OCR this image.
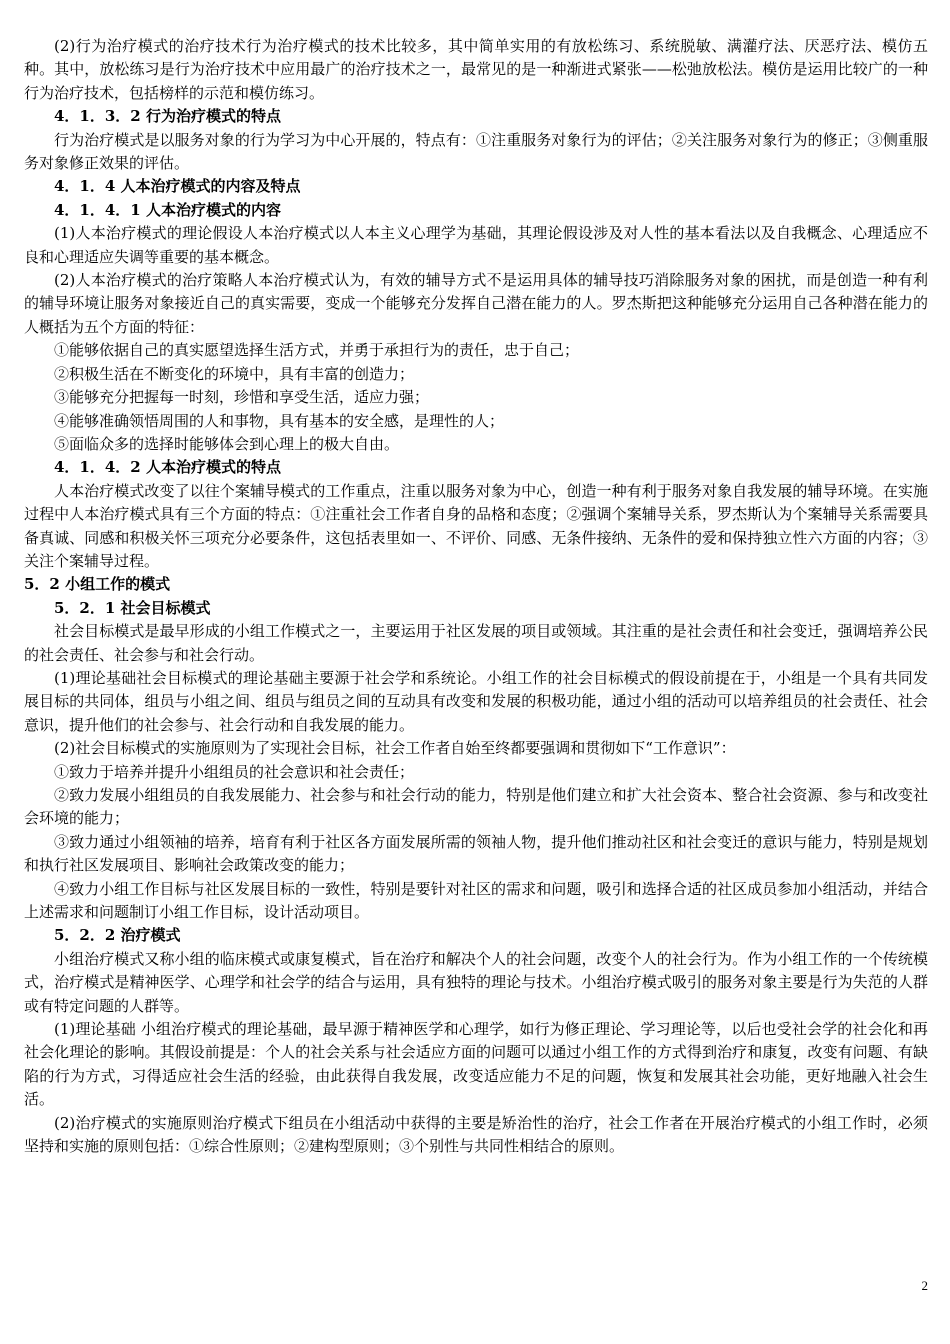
(2)行为治疗模式的治疗技术行为治疗模式的技术比较多，其中简单实用的有放松练习、系统脱敏、满灌疗法、厌恶疗法、模仿五种。其中，放松练习是行为治疗技术中应用最广的治疗技术之一，最常见的是一种渐进式紧张——松弛放松法。模仿是运用比较广的一种行为治疗技术，包括榜样的示范和模仿练习。

4．1．3．2 行为治疗模式的特点

行为治疗模式是以服务对象的行为学习为中心开展的，特点有：①注重服务对象行为的评估；②关注服务对象行为的修正；③侧重服务对象修正效果的评估。

4．1．4 人本治疗模式的内容及特点

4．1．4．1 人本治疗模式的内容

(1)人本治疗模式的理论假设人本治疗模式以人本主义心理学为基础，其理论假设涉及对人性的基本看法以及自我概念、心理适应不良和心理适应失调等重要的基本概念。

(2)人本治疗模式的治疗策略人本治疗模式认为，有效的辅导方式不是运用具体的辅导技巧消除服务对象的困扰，而是创造一种有利的辅导环境让服务对象接近自己的真实需要，变成一个能够充分发挥自己潜在能力的人。罗杰斯把这种能够充分运用自己各种潜在能力的人概括为五个方面的特征：

①能够依据自己的真实愿望选择生活方式，并勇于承担行为的责任，忠于自己；

②积极生活在不断变化的环境中，具有丰富的创造力；

③能够充分把握每一时刻，珍惜和享受生活，适应力强；

④能够准确领悟周围的人和事物，具有基本的安全感，是理性的人；

⑤面临众多的选择时能够体会到心理上的极大自由。

4．1．4．2 人本治疗模式的特点

人本治疗模式改变了以往个案辅导模式的工作重点，注重以服务对象为中心，创造一种有利于服务对象自我发展的辅导环境。在实施过程中人本治疗模式具有三个方面的特点：①注重社会工作者自身的品格和态度；②强调个案辅导关系，罗杰斯认为个案辅导关系需要具备真诚、同感和积极关怀三项充分必要条件，这包括表里如一、不评价、同感、无条件接纳、无条件的爱和保持独立性六方面的内容；③关注个案辅导过程。

5．2 小组工作的模式

5．2．1 社会目标模式

社会目标模式是最早形成的小组工作模式之一，主要运用于社区发展的项目或领域。其注重的是社会责任和社会变迁，强调培养公民的社会责任、社会参与和社会行动。

(1)理论基础社会目标模式的理论基础主要源于社会学和系统论。小组工作的社会目标模式的假设前提在于，小组是一个具有共同发展目标的共同体，组员与小组之间、组员与组员之间的互动具有改变和发展的积极功能，通过小组的活动可以培养组员的社会责任、社会意识，提升他们的社会参与、社会行动和自我发展的能力。

(2)社会目标模式的实施原则为了实现社会目标，社会工作者自始至终都要强调和贯彻如下“工作意识”：

①致力于培养并提升小组组员的社会意识和社会责任；

②致力发展小组组员的自我发展能力、社会参与和社会行动的能力，特别是他们建立和扩大社会资本、整合社会资源、参与和改变社会环境的能力；

③致力通过小组领袖的培养，培育有利于社区各方面发展所需的领袖人物，提升他们推动社区和社会变迁的意识与能力，特别是规划和执行社区发展项目、影响社会政策改变的能力；

④致力小组工作目标与社区发展目标的一致性，特别是要针对社区的需求和问题，吸引和选择合适的社区成员参加小组活动，并结合上述需求和问题制订小组工作目标，设计活动项目。

5．2．2 治疗模式

小组治疗模式又称小组的临床模式或康复模式，旨在治疗和解决个人的社会问题，改变个人的社会行为。作为小组工作的一个传统模式，治疗模式是精神医学、心理学和社会学的结合与运用，具有独特的理论与技术。小组治疗模式吸引的服务对象主要是行为失范的人群或有特定问题的人群等。

(1)理论基础 小组治疗模式的理论基础，最早源于精神医学和心理学，如行为修正理论、学习理论等，以后也受社会学的社会化和再社会化理论的影响。其假设前提是：个人的社会关系与社会适应方面的问题可以通过小组工作的方式得到治疗和康复，改变有问题、有缺陷的行为方式，习得适应社会生活的经验，由此获得自我发展，改变适应能力不足的问题，恢复和发展其社会功能，更好地融入社会生活。

(2)治疗模式的实施原则治疗模式下组员在小组活动中获得的主要是矫治性的治疗，社会工作者在开展治疗模式的小组工作时，必须坚持和实施的原则包括：①综合性原则；②建构型原则；③个别性与共同性相结合的原则。

2
